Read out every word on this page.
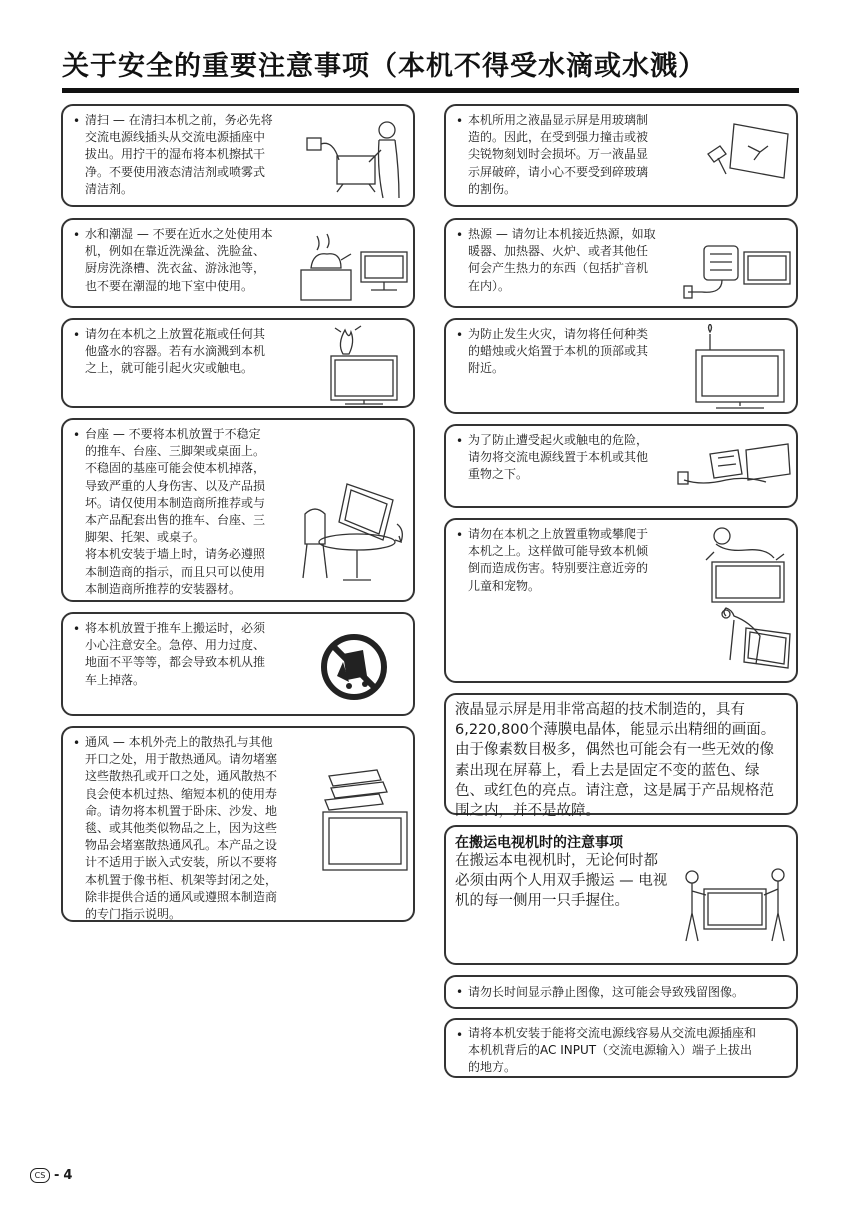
关于安全的重要注意事项（本机不得受水滴或水溅）
• 清扫 — 在清扫本机之前，务必先将
交流电源线插头从交流电源插座中
拔出。用拧干的湿布将本机擦拭干
净。不要使用液态清洁剂或喷雾式
清洁剂。
• 水和潮湿 — 不要在近水之处使用本
机，例如在靠近洗澡盆、洗脸盆、
厨房洗涤槽、洗衣盆、游泳池等，
也不要在潮湿的地下室中使用。
• 请勿在本机之上放置花瓶或任何其
他盛水的容器。若有水滴溅到本机
之上，就可能引起火灾或触电。
• 台座 — 不要将本机放置于不稳定
的推车、台座、三脚架或桌面上。
不稳固的基座可能会使本机掉落，
导致严重的人身伤害、以及产品损
坏。请仅使用本制造商所推荐或与
本产品配套出售的推车、台座、三
脚架、托架、或桌子。
将本机安装于墙上时，请务必遵照
本制造商的指示，而且只可以使用
本制造商所推荐的安装器材。
• 将本机放置于推车上搬运时，必须
小心注意安全。急停、用力过度、
地面不平等等，都会导致本机从推
车上掉落。
• 通风 — 本机外壳上的散热孔与其他
开口之处，用于散热通风。请勿堵塞
这些散热孔或开口之处，通风散热不
良会使本机过热、缩短本机的使用寿
命。请勿将本机置于卧床、沙发、地
毯、或其他类似物品之上，因为这些
物品会堵塞散热通风孔。本产品之设
计不适用于嵌入式安装，所以不要将
本机置于像书柜、机架等封闭之处，
除非提供合适的通风或遵照本制造商
的专门指示说明。
• 本机所用之液晶显示屏是用玻璃制
造的。因此，在受到强力撞击或被
尖锐物刻划时会损坏。万一液晶显
示屏破碎，请小心不要受到碎玻璃
的割伤。
• 热源 — 请勿让本机接近热源，如取
暖器、加热器、火炉、或者其他任
何会产生热力的东西（包括扩音机
在内）。
• 为防止发生火灾，请勿将任何种类
的蜡烛或火焰置于本机的顶部或其
附近。
• 为了防止遭受起火或触电的危险，
请勿将交流电源线置于本机或其他
重物之下。
• 请勿在本机之上放置重物或攀爬于
本机之上。这样做可能导致本机倾
倒而造成伤害。特别要注意近旁的
儿童和宠物。
液晶显示屏是用非常高超的技术制造的，具有
6,220,800个薄膜电晶体，能显示出精细的画面。
由于像素数目极多，偶然也可能会有一些无效的像
素出现在屏幕上，看上去是固定不变的蓝色、绿
色、或红色的亮点。请注意，这是属于产品规格范
围之内，并不是故障。
在搬运电视机时的注意事项
在搬运本电视机时，无论何时都
必须由两个人用双手搬运 — 电视
机的每一侧用一只手握住。
• 请勿长时间显示静止图像，这可能会导致残留图像。
• 请将本机安装于能将交流电源线容易从交流电源插座和
本机机背后的AC INPUT（交流电源输入）端子上拔出
的地方。
CS - 4
